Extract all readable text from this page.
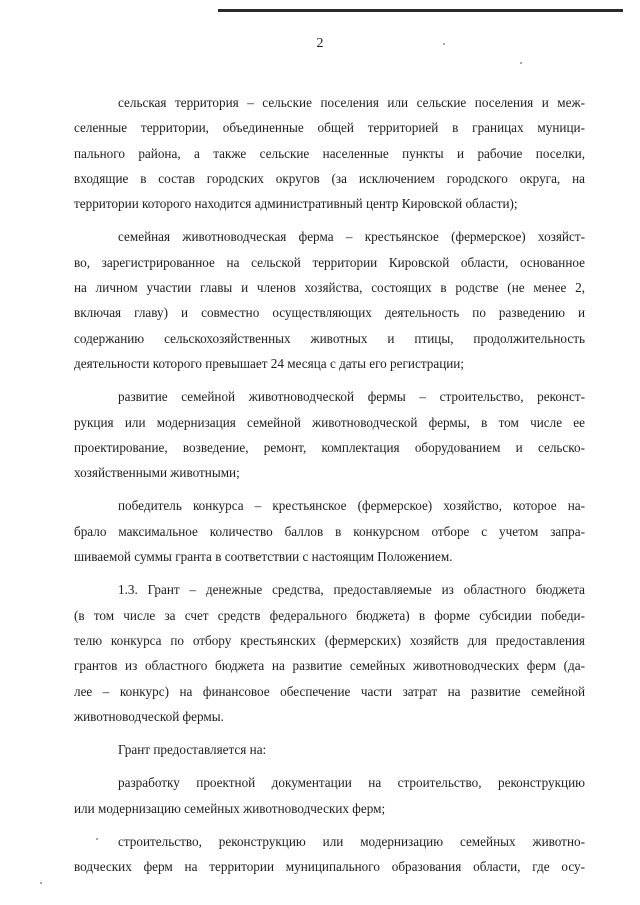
2
сельская территория – сельские поселения или сельские поселения и меж-
селенные территории, объединенные общей территорией в границах муници-
пального района, а также сельские населенные пункты и рабочие поселки,
входящие в состав городских округов (за исключением городского округа, на
территории которого находится административный центр Кировской области);
семейная животноводческая ферма – крестьянское (фермерское) хозяйст-
во, зарегистрированное на сельской территории Кировской области, основанное
на личном участии главы и членов хозяйства, состоящих в родстве (не менее 2,
включая главу) и совместно осуществляющих деятельность по разведению и
содержанию сельскохозяйственных животных и птицы, продолжительность
деятельности которого превышает 24 месяца с даты его регистрации;
развитие семейной животноводческой фермы – строительство, реконст-
рукция или модернизация семейной животноводческой фермы, в том числе ее
проектирование, возведение, ремонт, комплектация оборудованием и сельско-
хозяйственными животными;
победитель конкурса – крестьянское (фермерское) хозяйство, которое на-
брало максимальное количество баллов в конкурсном отборе с учетом запра-
шиваемой суммы гранта в соответствии с настоящим Положением.
1.3. Грант – денежные средства, предоставляемые из областного бюджета
(в том числе за счет средств федерального бюджета) в форме субсидии победи-
телю конкурса по отбору крестьянских (фермерских) хозяйств для предоставления
грантов из областного бюджета на развитие семейных животноводческих ферм (да-
лее – конкурс) на финансовое обеспечение части затрат на развитие семейной
животноводческой фермы.
Грант предоставляется на:
разработку проектной документации на строительство, реконструкцию
или модернизацию семейных животноводческих ферм;
строительство, реконструкцию или модернизацию семейных животно-
водческих ферм на территории муниципального образования области, где осу-
